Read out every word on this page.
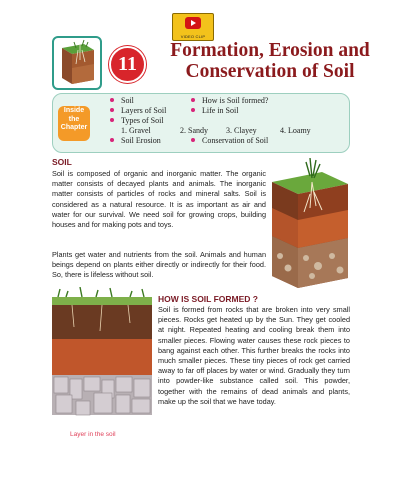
VIDEO CLIP
11
Formation, Erosion and
Conservation of Soil
Inside
the
Chapter
Soil
Layers of Soil
Types of Soil
How is Soil formed?
Life in Soil
1. Gravel	2. Sandy 3. Clayey	4. Loamy
Soil Erosion	Conservation of Soil
SOIL
Soil is composed of organic and inorganic matter. The organic matter consists of decayed plants and animals. The inorganic matter consists of particles of rocks and mineral salts. Soil is considered as a natural resource. It is as important as air and water for our survival. We need soil for growing crops, building houses and for making pots and toys.
Plants get water and nutrients from the soil. Animals and human beings depend on plants either directly or indirectly for their food. So, there is lifeless without soil.
HOW IS SOIL FORMED ?
Soil is formed from rocks that are broken into very small pieces. Rocks get heated up by the Sun. They get cooled at night. Repeated heating and cooling break them into smaller pieces. Flowing water causes these rock pieces to bang against each other. This further breaks the rocks into much smaller pieces. These tiny pieces of rock get carried away to far off places by water or wind. Gradually they turn into powder-like substance called soil. This powder, together with the remains of dead animals and plants, make up the soil that we have today.
Layer in the soil
